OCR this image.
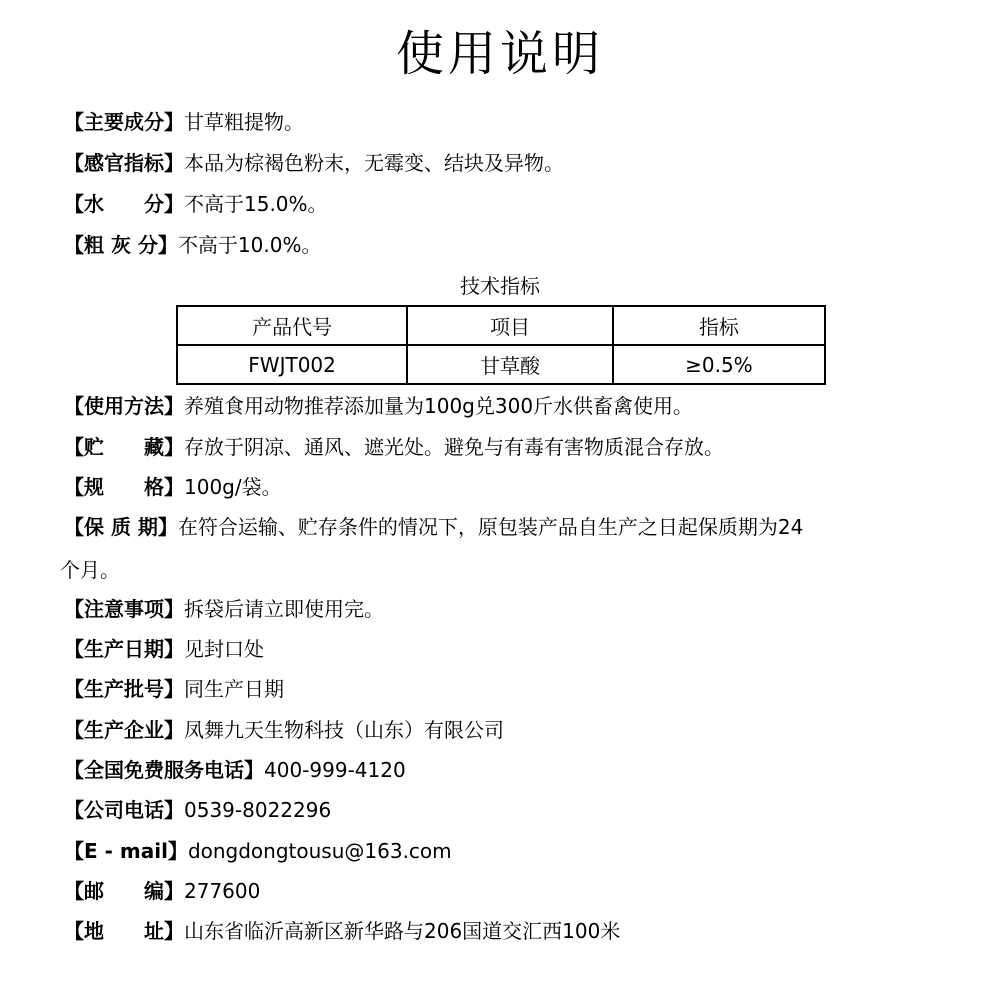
使用说明
【主要成分】甘草粗提物。
【感官指标】本品为棕褐色粉末，无霉变、结块及异物。
【水　　分】不高于15.0%。
【粗 灰 分】不高于10.0%。
技术指标
产品代号	项目	指标
FWJT002	甘草酸	≥0.5%
【使用方法】养殖食用动物推荐添加量为100g兑300斤水供畜禽使用。
【贮　　藏】存放于阴凉、通风、遮光处。避免与有毒有害物质混合存放。
【规　　格】100g/袋。
【保 质 期】在符合运输、贮存条件的情况下，原包装产品自生产之日起保质期为24
个月。
【注意事项】拆袋后请立即使用完。
【生产日期】见封口处
【生产批号】同生产日期
【生产企业】凤舞九天生物科技（山东）有限公司
【全国免费服务电话】400-999-4120
【公司电话】0539-8022296
【E - mail】dongdongtousu@163.com
【邮　　编】277600
【地　　址】山东省临沂高新区新华路与206国道交汇西100米
